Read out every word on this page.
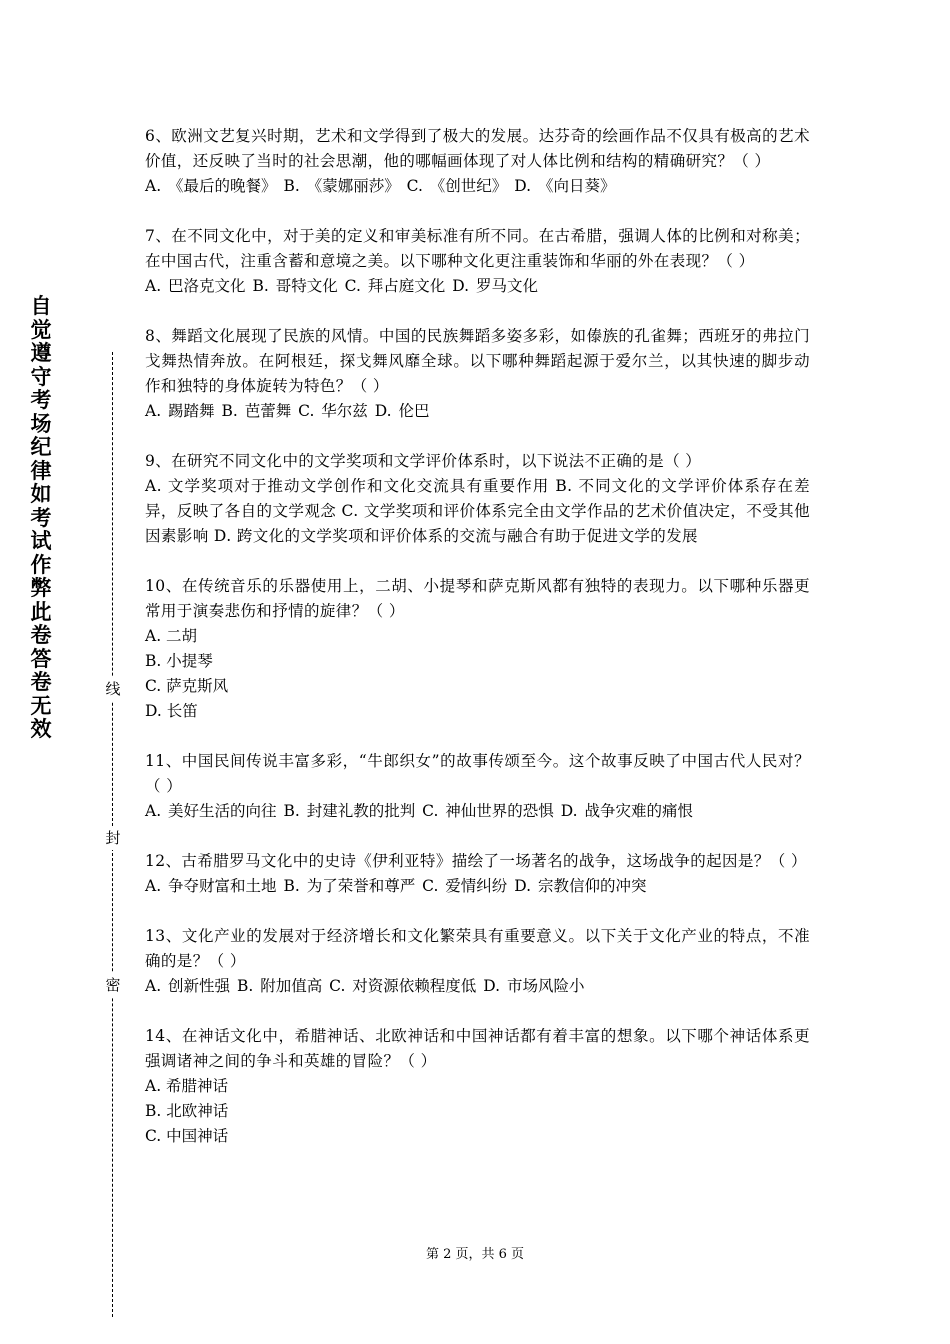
自觉遵守考场纪律如考试作弊此卷答卷无效
线
封
密

6、欧洲文艺复兴时期，艺术和文学得到了极大的发展。达芬奇的绘画作品不仅具有极高的艺术价值，还反映了当时的社会思潮，他的哪幅画体现了对人体比例和结构的精确研究？（ ）

A. 《最后的晚餐》 B. 《蒙娜丽莎》 C. 《创世纪》 D. 《向日葵》

7、在不同文化中，对于美的定义和审美标准有所不同。在古希腊，强调人体的比例和对称美；在中国古代，注重含蓄和意境之美。以下哪种文化更注重装饰和华丽的外在表现？（ ）

A. 巴洛克文化 B. 哥特文化 C. 拜占庭文化 D. 罗马文化

8、舞蹈文化展现了民族的风情。中国的民族舞蹈多姿多彩，如傣族的孔雀舞；西班牙的弗拉门戈舞热情奔放。在阿根廷，探戈舞风靡全球。以下哪种舞蹈起源于爱尔兰，以其快速的脚步动作和独特的身体旋转为特色？（ ）

A. 踢踏舞 B. 芭蕾舞 C. 华尔兹 D. 伦巴

9、在研究不同文化中的文学奖项和文学评价体系时，以下说法不正确的是（ ）

A. 文学奖项对于推动文学创作和文化交流具有重要作用 B. 不同文化的文学评价体系存在差异，反映了各自的文学观念 C. 文学奖项和评价体系完全由文学作品的艺术价值决定，不受其他因素影响 D. 跨文化的文学奖项和评价体系的交流与融合有助于促进文学的发展

10、在传统音乐的乐器使用上，二胡、小提琴和萨克斯风都有独特的表现力。以下哪种乐器更常用于演奏悲伤和抒情的旋律？（ ）

A. 二胡

B. 小提琴

C. 萨克斯风

D. 长笛

11、中国民间传说丰富多彩，“牛郎织女”的故事传颂至今。这个故事反映了中国古代人民对？（ ）

A. 美好生活的向往 B. 封建礼教的批判 C. 神仙世界的恐惧 D. 战争灾难的痛恨

12、古希腊罗马文化中的史诗《伊利亚特》描绘了一场著名的战争，这场战争的起因是？（ ）

A. 争夺财富和土地 B. 为了荣誉和尊严 C. 爱情纠纷 D. 宗教信仰的冲突

13、文化产业的发展对于经济增长和文化繁荣具有重要意义。以下关于文化产业的特点，不准确的是？（ ）

A. 创新性强 B. 附加值高 C. 对资源依赖程度低 D. 市场风险小

14、在神话文化中，希腊神话、北欧神话和中国神话都有着丰富的想象。以下哪个神话体系更强调诸神之间的争斗和英雄的冒险？（ ）

A. 希腊神话

B. 北欧神话

C. 中国神话

第 2 页，共 6 页
